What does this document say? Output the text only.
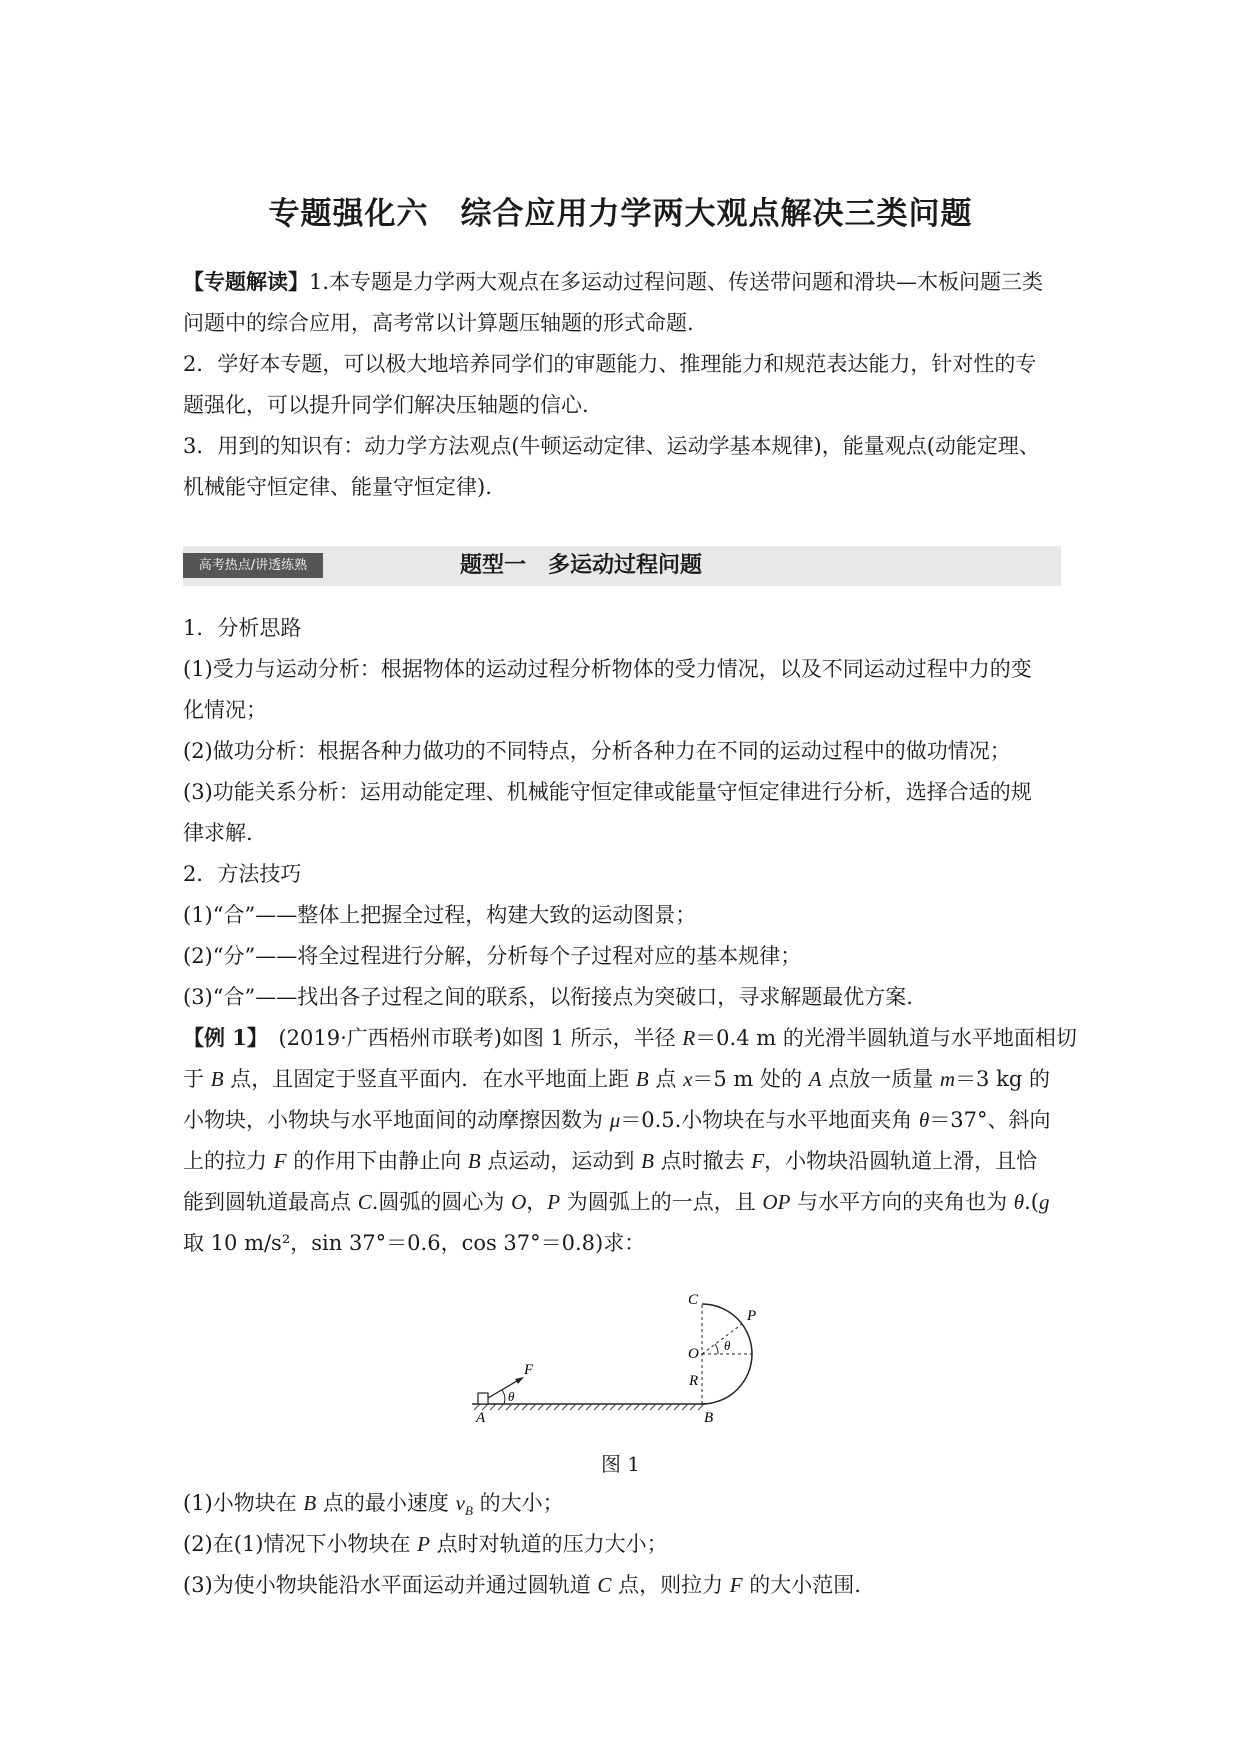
专题强化六　综合应用力学两大观点解决三类问题
【专题解读】1.本专题是力学两大观点在多运动过程问题、传送带问题和滑块—木板问题三类
问题中的综合应用，高考常以计算题压轴题的形式命题.
2．学好本专题，可以极大地培养同学们的审题能力、推理能力和规范表达能力，针对性的专
题强化，可以提升同学们解决压轴题的信心.
3．用到的知识有：动力学方法观点(牛顿运动定律、运动学基本规律)，能量观点(动能定理、
机械能守恒定律、能量守恒定律).
高考热点/讲透练熟	题型一　多运动过程问题
1．分析思路
(1)受力与运动分析：根据物体的运动过程分析物体的受力情况，以及不同运动过程中力的变
化情况；
(2)做功分析：根据各种力做功的不同特点，分析各种力在不同的运动过程中的做功情况；
(3)功能关系分析：运用动能定理、机械能守恒定律或能量守恒定律进行分析，选择合适的规
律求解.
2．方法技巧
(1)“合”——整体上把握全过程，构建大致的运动图景；
(2)“分”——将全过程进行分解，分析每个子过程对应的基本规律；
(3)“合”——找出各子过程之间的联系，以衔接点为突破口，寻求解题最优方案.
【例 1】　 (2019·广西梧州市联考)如图 1 所示，半径 R＝0.4 m 的光滑半圆轨道与水平地面相切
于 B 点，且固定于竖直平面内．在水平地面上距 B 点 x＝5 m 处的 A 点放一质量 m＝3 kg 的
小物块，小物块与水平地面间的动摩擦因数为 μ＝0.5.小物块在与水平地面夹角 θ＝37°、斜向
上的拉力 F 的作用下由静止向 B 点运动，运动到 B 点时撤去 F，小物块沿圆轨道上滑，且恰
能到圆轨道最高点 C.圆弧的圆心为 O，P 为圆弧上的一点，且 OP 与水平方向的夹角也为 θ.(g
取 10 m/s²，sin 37°＝0.6，cos 37°＝0.8)求：
C
P
O
θ
R
B
A
F
θ
图 1
(1)小物块在 B 点的最小速度 $v_B$ 的大小；
(2)在(1)情况下小物块在 P 点时对轨道的压力大小；
(3)为使小物块能沿水平面运动并通过圆轨道 C 点，则拉力 F 的大小范围.
